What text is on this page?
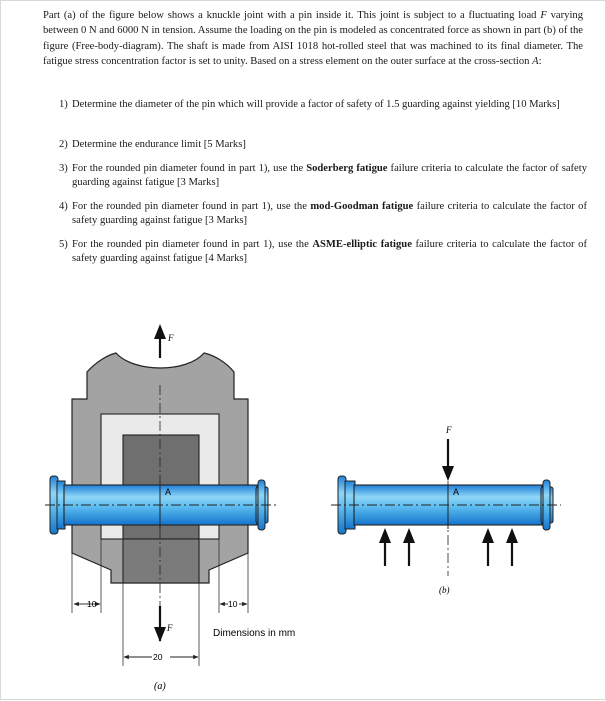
Part (a) of the figure below shows a knuckle joint with a pin inside it. This joint is subject to a fluctuating load F varying between 0 N and 6000 N in tension. Assume the loading on the pin is modeled as concentrated force as shown in part (b) of the figure (Free-body-diagram). The shaft is made from AISI 1018 hot-rolled steel that was machined to its final diameter. The fatigue stress concentration factor is set to unity. Based on a stress element on the outer surface at the cross-section A:
1) Determine the diameter of the pin which will provide a factor of safety of 1.5 guarding against yielding [10 Marks]
2) Determine the endurance limit [5 Marks]
3) For the rounded pin diameter found in part 1), use the Soderberg fatigue failure criteria to calculate the factor of safety guarding against fatigue [3 Marks]
4) For the rounded pin diameter found in part 1), use the mod-Goodman fatigue failure criteria to calculate the factor of safety guarding against fatigue [3 Marks]
5) For the rounded pin diameter found in part 1), use the ASME-elliptic fatigue failure criteria to calculate the factor of safety guarding against fatigue [4 Marks]
F
A
10	10
20
F	Dimensions in mm
(a)
F
A
(b)
